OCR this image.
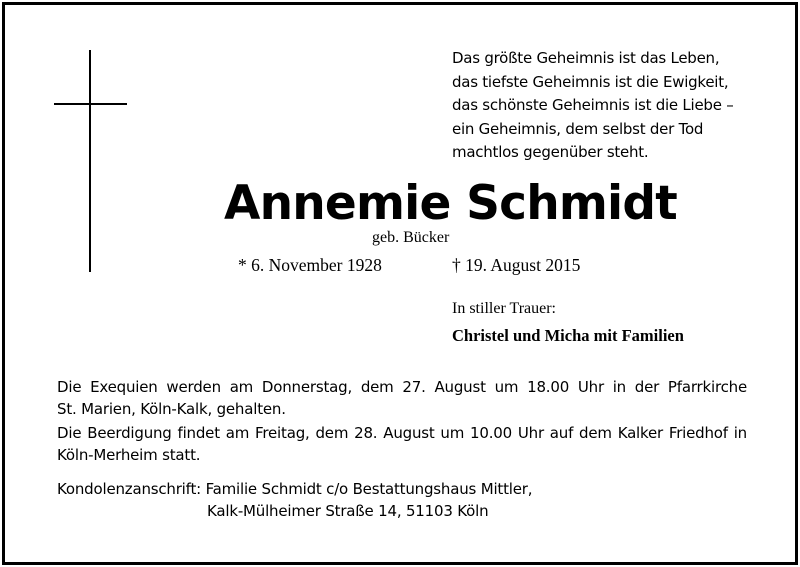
Das größte Geheimnis ist das Leben,
das tiefste Geheimnis ist die Ewigkeit,
das schönste Geheimnis ist die Liebe –
ein Geheimnis, dem selbst der Tod
machtlos gegenüber steht.
Annemie Schmidt
geb. Bücker
* 6. November 1928	† 19. August 2015
In stiller Trauer:
Christel und Micha mit Familien
Die Exequien werden am Donnerstag, dem 27. August um 18.00 Uhr in der Pfarrkirche
St. Marien, Köln-Kalk, gehalten.
Die Beerdigung findet am Freitag, dem 28. August um 10.00 Uhr auf dem Kalker Friedhof in
Köln-Merheim statt.
Kondolenzanschrift: Familie Schmidt c/o Bestattungshaus Mittler,
Kalk-Mülheimer Straße 14, 51103 Köln
